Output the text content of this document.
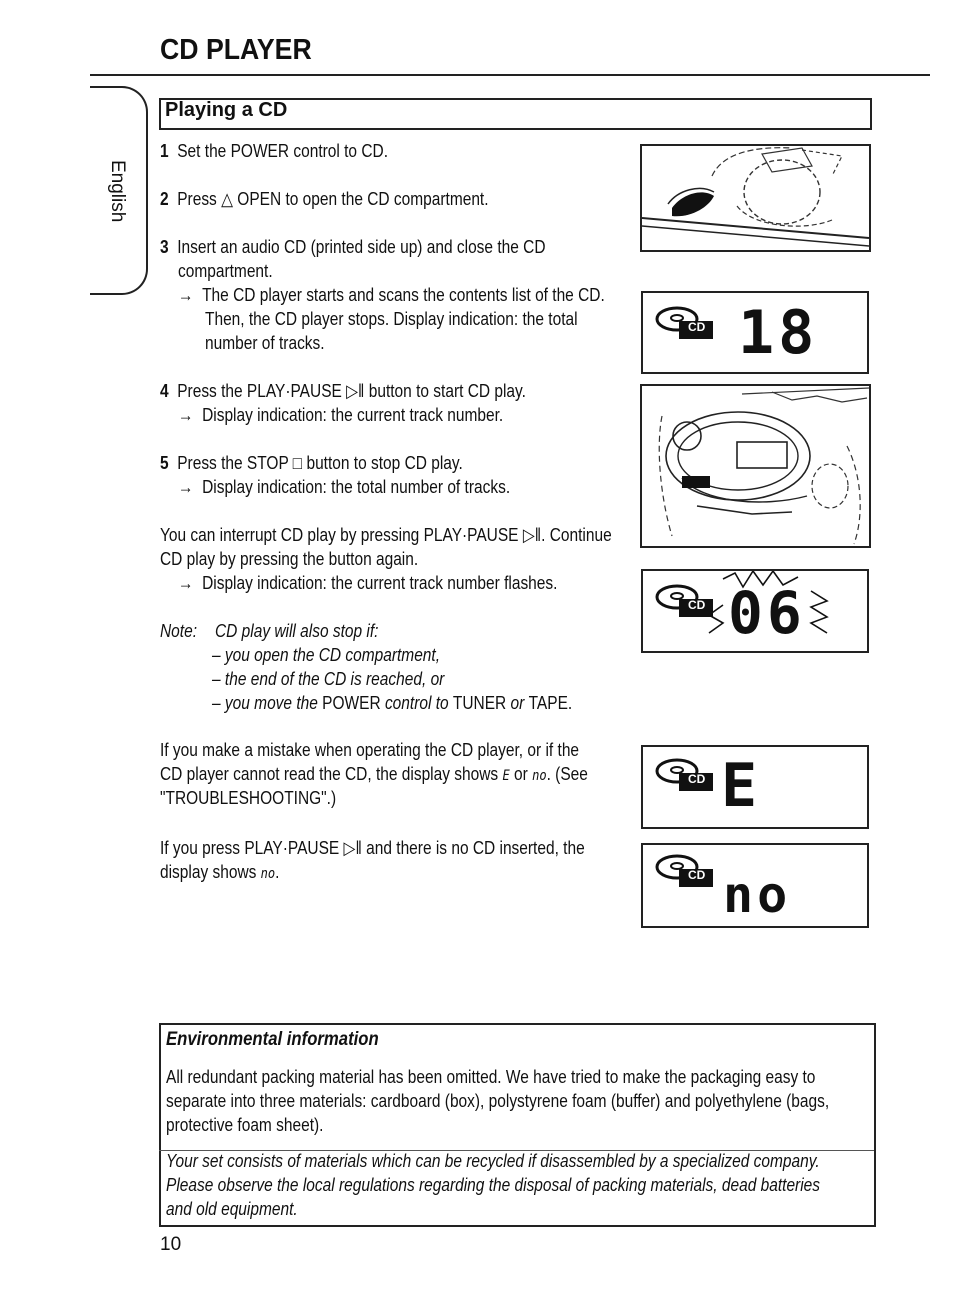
CD PLAYER
English
Playing a CD
1 Set the POWER control to CD.
2 Press △ OPEN to open the CD compartment.
3 Insert an audio CD (printed side up) and close the CD
compartment.
→  The CD player starts and scans the contents list of the CD.
Then, the CD player stops. Display indication: the total
number of tracks.
4 Press the PLAY·PAUSE ▷‖ button to start CD play.
→  Display indication: the current track number.
5 Press the STOP □ button to stop CD play.
→  Display indication: the total number of tracks.
You can interrupt CD play by pressing PLAY·PAUSE ▷‖. Continue
CD play by pressing the button again.
→  Display indication: the current track number flashes.
Note: CD play will also stop if:
– you open the CD compartment,
– the end of the CD is reached, or
– you move the POWER control to TUNER or TAPE.
If you make a mistake when operating the CD player, or if the
CD player cannot read the CD, the display shows E or no. (See
"TROUBLESHOOTING".)
If you press PLAY·PAUSE ▷‖ and there is no CD inserted, the
display shows no.
CD 18
CD 06
CD E
CD no
Environmental information
All redundant packing material has been omitted. We have tried to make the packaging easy to
separate into three materials: cardboard (box), polystyrene foam (buffer) and polyethylene (bags,
protective foam sheet).
Your set consists of materials which can be recycled if disassembled by a specialized company.
Please observe the local regulations regarding the disposal of packing materials, dead batteries
and old equipment.
10
